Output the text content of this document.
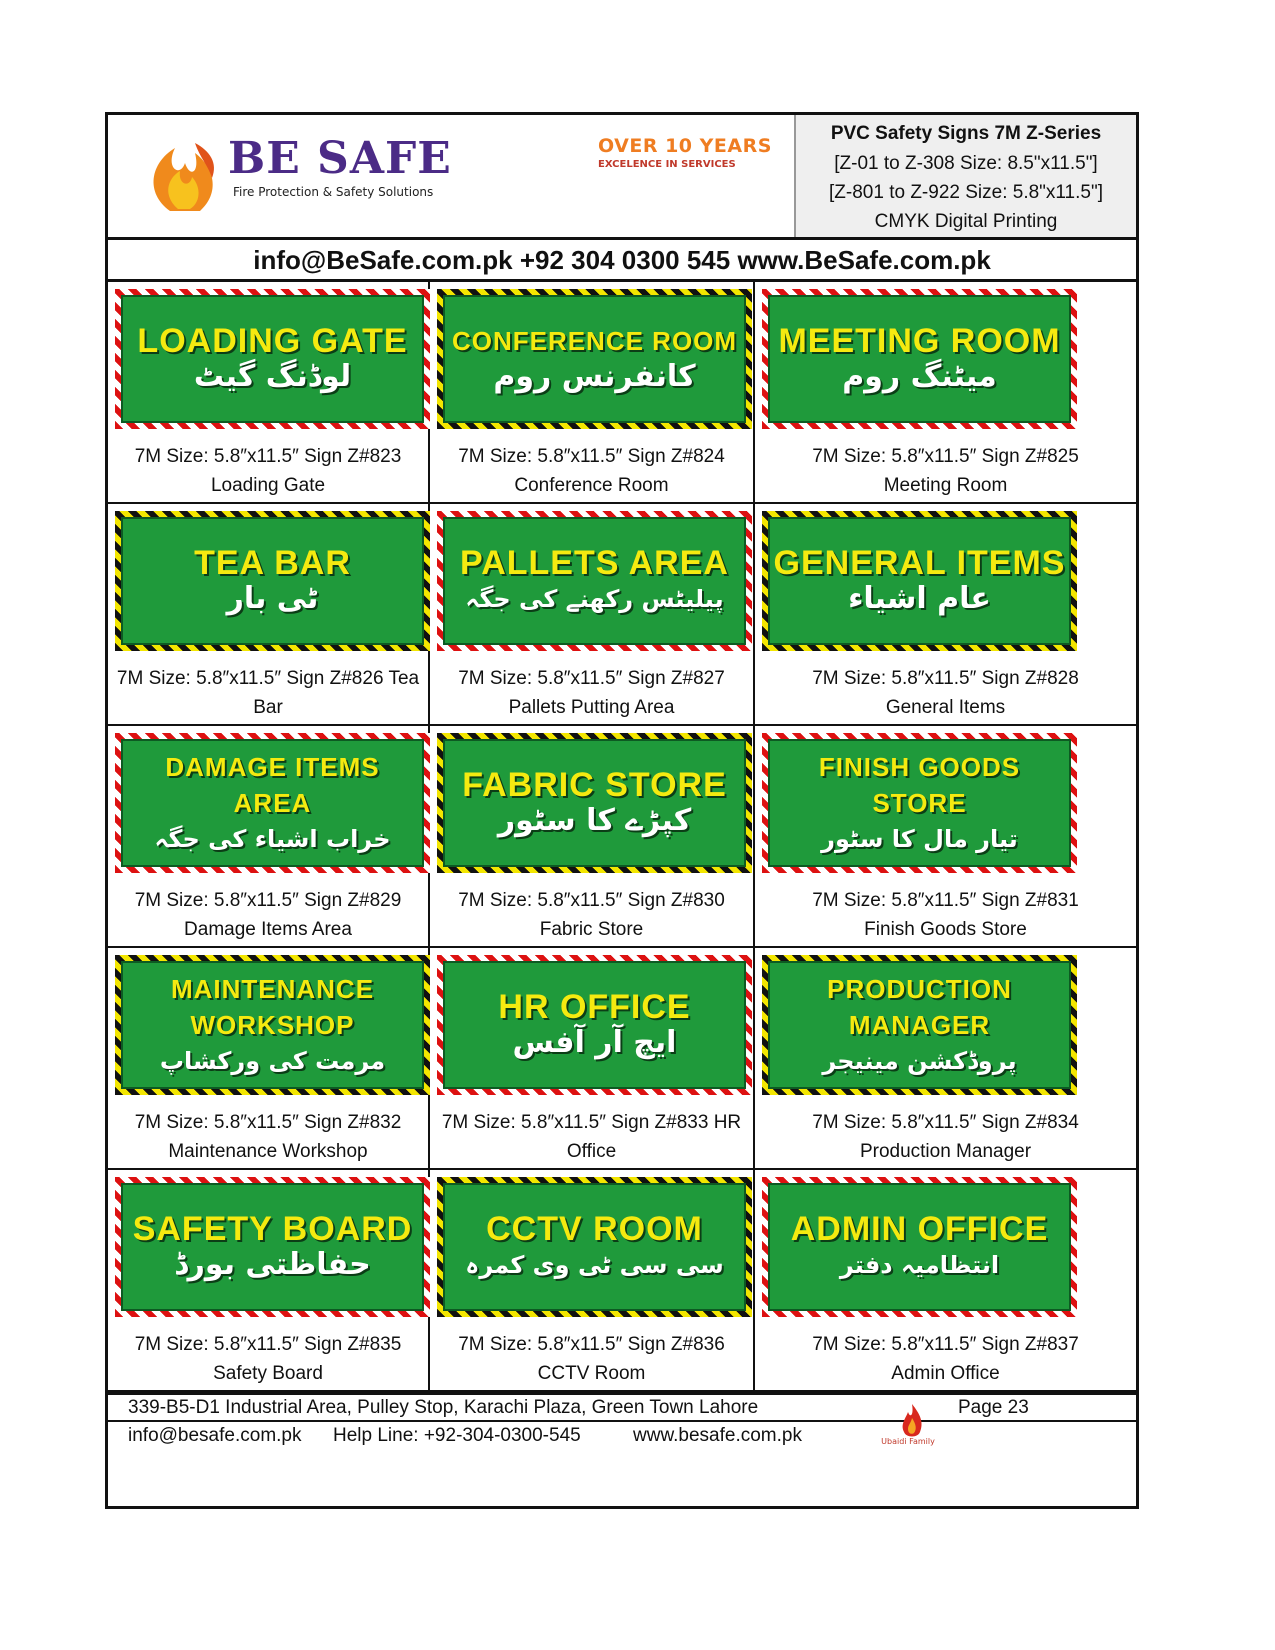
BE SAFE
Fire Protection & Safety Solutions
OVER 10 YEARS
EXCELENCE IN SERVICES
PVC Safety Signs 7M Z-Series
[Z-01 to Z-308 Size: 8.5"x11.5"]
[Z-801 to Z-922 Size: 5.8"x11.5"]
CMYK Digital Printing
info@BeSafe.com.pk +92 304 0300 545 www.BeSafe.com.pk

LOADING GATE
لوڈنگ گیٹ
7M Size: 5.8″x11.5″ Sign Z#823
Loading Gate
CONFERENCE ROOM
کانفرنس روم
7M Size: 5.8″x11.5″ Sign Z#824
Conference Room
MEETING ROOM
میٹنگ روم
7M Size: 5.8″x11.5″ Sign Z#825
Meeting Room
TEA BAR
ٹی بار
7M Size: 5.8″x11.5″ Sign Z#826 Tea
Bar
PALLETS AREA
پیلیٹس رکھنے کی جگہ
7M Size: 5.8″x11.5″ Sign Z#827
Pallets Putting Area
GENERAL ITEMS
عام اشیاء
7M Size: 5.8″x11.5″ Sign Z#828
General Items
DAMAGE ITEMS AREA
خراب اشیاء کی جگہ
7M Size: 5.8″x11.5″ Sign Z#829
Damage Items Area
FABRIC STORE
کپڑے کا سٹور
7M Size: 5.8″x11.5″ Sign Z#830
Fabric Store
FINISH GOODS STORE
تیار مال کا سٹور
7M Size: 5.8″x11.5″ Sign Z#831
Finish Goods Store
MAINTENANCE WORKSHOP
مرمت کی ورکشاپ
7M Size: 5.8″x11.5″ Sign Z#832
Maintenance Workshop
HR OFFICE
ایچ آر آفس
7M Size: 5.8″x11.5″ Sign Z#833 HR
Office
PRODUCTION MANAGER
پروڈکشن مینیجر
7M Size: 5.8″x11.5″ Sign Z#834
Production Manager
SAFETY BOARD
حفاظتی بورڈ
7M Size: 5.8″x11.5″ Sign Z#835
Safety Board
CCTV ROOM
سی سی ٹی وی کمرہ
7M Size: 5.8″x11.5″ Sign Z#836
CCTV Room
ADMIN OFFICE
انتظامیہ دفتر
7M Size: 5.8″x11.5″ Sign Z#837
Admin Office
339-B5-D1 Industrial Area, Pulley Stop, Karachi Plaza, Green Town Lahore	Page 23
info@besafe.com.pk Help Line: +92-304-0300-545	www.besafe.com.pk	Ubaidi Family
